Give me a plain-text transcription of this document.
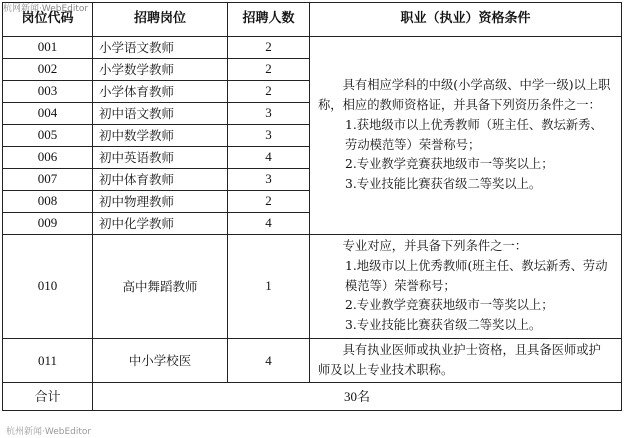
杭网新闻·WebEditor
岗位代码	招聘岗位	招聘人数	职业（执业）资格条件
001	小学语文教师	2	具有相应学科的中级(小学高级、中学一级)以上职称，相应的教师资格证，并具备下列资历条件之一：

1.获地级市以上优秀教师（班主任、教坛新秀、劳动模范等）荣誉称号；

2.专业教学竞赛获地级市一等奖以上；

3.专业技能比赛获省级二等奖以上。

002	小学数学教师	2	
003	小学体育教师	2	
004	初中语文教师	3	
005	初中数学教师	3	
006	初中英语教师	4	
007	初中体育教师	3	
008	初中物理教师	2	
009	初中化学教师	4	
010	高中舞蹈教师	1	专业对应，并具备下列条件之一：

1.地级市以上优秀教师(班主任、教坛新秀、劳动模范等）荣誉称号；

2.专业教学竞赛获地级市一等奖以上；

3.专业技能比赛获省级二等奖以上。

011	中小学校医	4	具有执业医师或执业护士资格，且具备医师或护师及以上专业技术职称。

合计	30名		
杭州新闻·WebEditor
